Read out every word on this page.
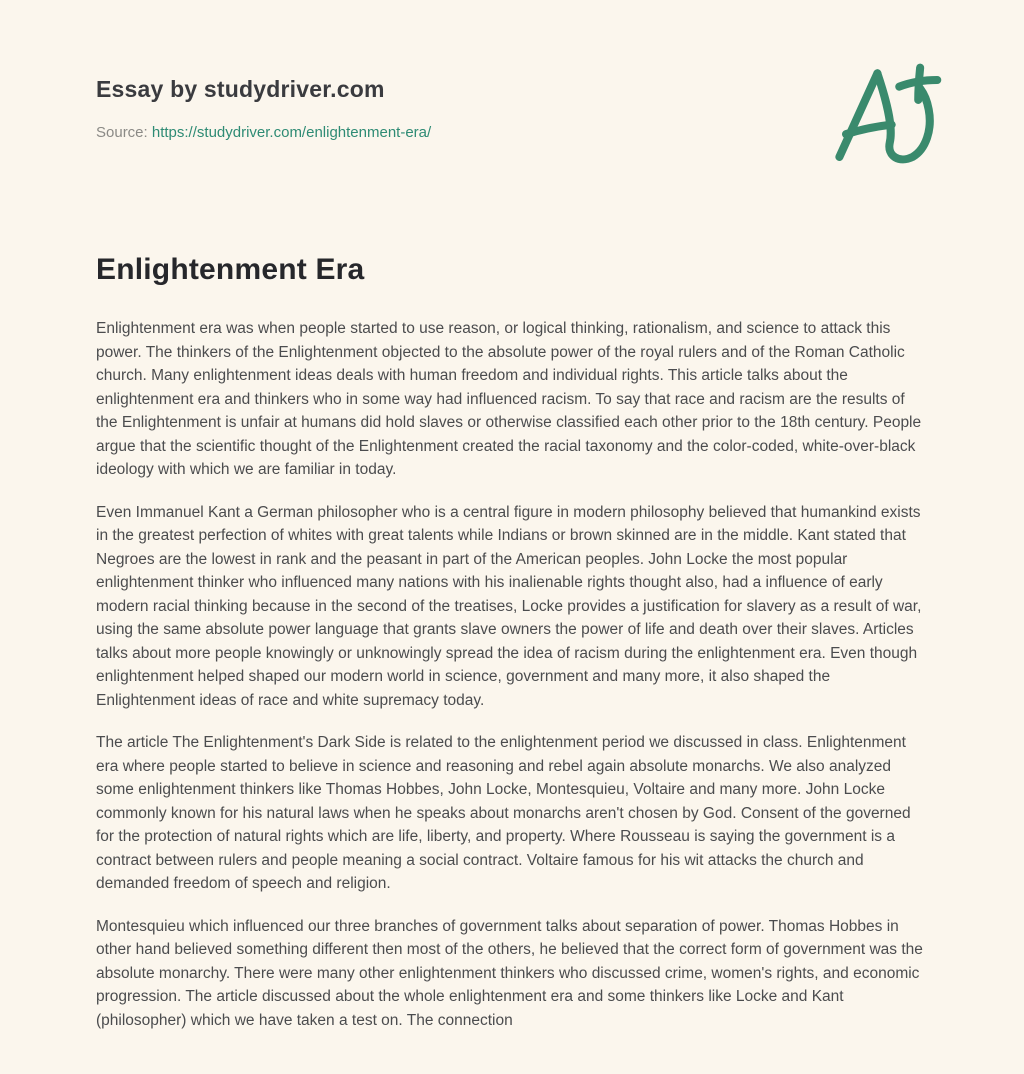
Essay by studydriver.com
Source: https://studydriver.com/enlightenment-era/
Enlightenment Era

Enlightenment era was when people started to use reason, or logical thinking, rationalism, and science to attack this power. The thinkers of the Enlightenment objected to the absolute power of the royal rulers and of the Roman Catholic church. Many enlightenment ideas deals with human freedom and individual rights. This article talks about the enlightenment era and thinkers who in some way had influenced racism. To say that race and racism are the results of the Enlightenment is unfair at humans did hold slaves or otherwise classified each other prior to the 18th century. People argue that the scientific thought of the Enlightenment created the racial taxonomy and the color-coded, white-over-black ideology with which we are familiar in today.

Even Immanuel Kant a German philosopher who is a central figure in modern philosophy believed that humankind exists in the greatest perfection of whites with great talents while Indians or brown skinned are in the middle. Kant stated that Negroes are the lowest in rank and the peasant in part of the American peoples. John Locke the most popular enlightenment thinker who influenced many nations with his inalienable rights thought also, had a influence of early modern racial thinking because in the second of the treatises, Locke provides a justification for slavery as a result of war, using the same absolute power language that grants slave owners the power of life and death over their slaves. Articles talks about more people knowingly or unknowingly spread the idea of racism during the enlightenment era. Even though enlightenment helped shaped our modern world in science, government and many more, it also shaped the Enlightenment ideas of race and white supremacy today.

The article The Enlightenment's Dark Side is related to the enlightenment period we discussed in class. Enlightenment era where people started to believe in science and reasoning and rebel again absolute monarchs. We also analyzed some enlightenment thinkers like Thomas Hobbes, John Locke, Montesquieu, Voltaire and many more. John Locke commonly known for his natural laws when he speaks about monarchs aren't chosen by God. Consent of the governed for the protection of natural rights which are life, liberty, and property. Where Rousseau is saying the government is a contract between rulers and people meaning a social contract. Voltaire famous for his wit attacks the church and demanded freedom of speech and religion.

Montesquieu which influenced our three branches of government talks about separation of power. Thomas Hobbes in other hand believed something different then most of the others, he believed that the correct form of government was the absolute monarchy. There were many other enlightenment thinkers who discussed crime, women's rights, and economic progression. The article discussed about the whole enlightenment era and some thinkers like Locke and Kant (philosopher) which we have taken a test on. The connection
